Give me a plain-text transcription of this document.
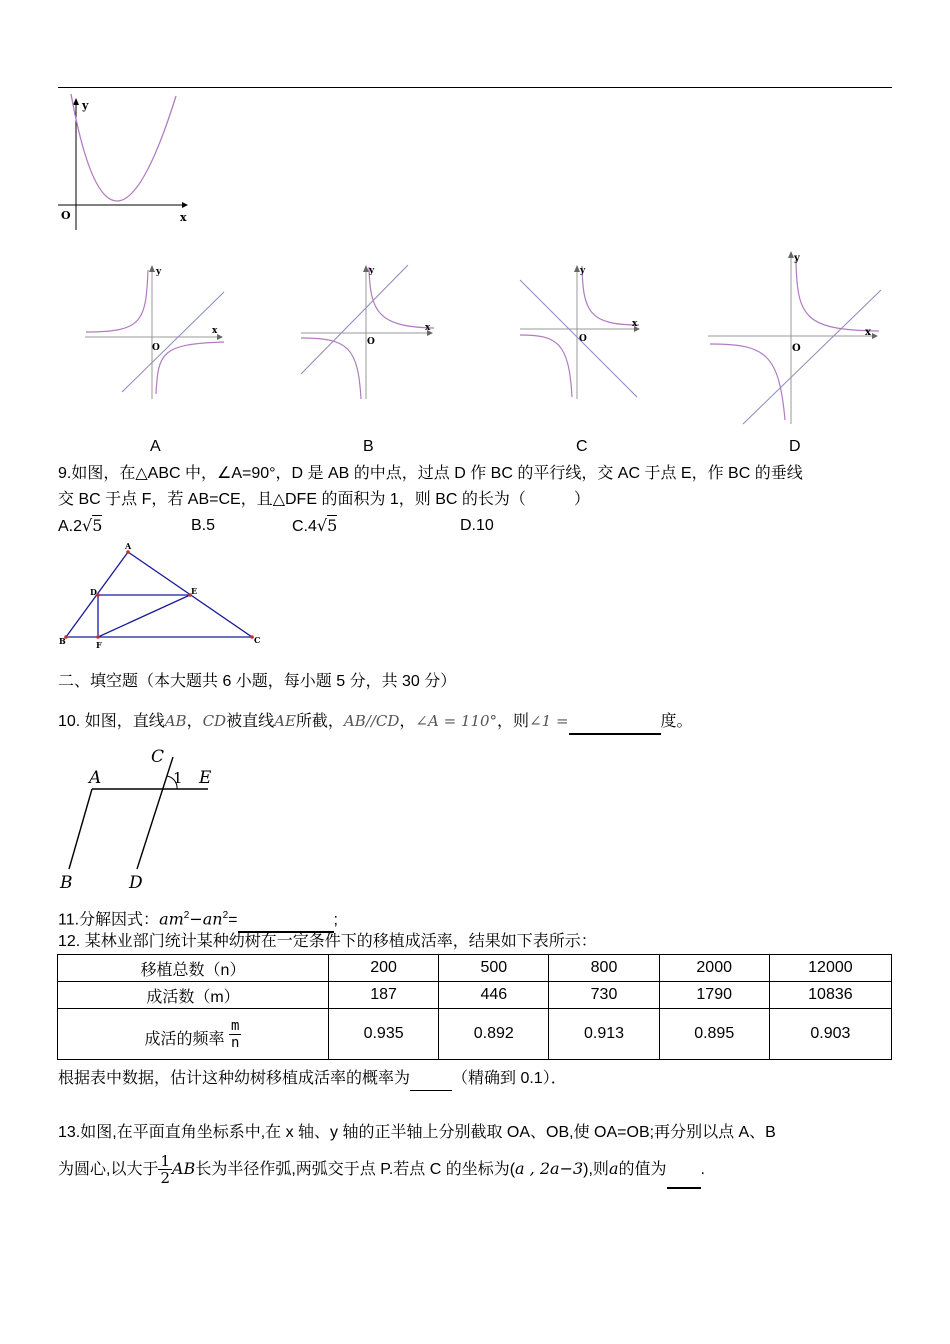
y
x
O
y
x
O
y
x
O
y
x
O
y
x
O
A	B	C	D
9.如图，在△ABC 中，∠A=90°，D 是 AB 的中点，过点 D 作 BC 的平行线，交 AC 于点 E，作 BC 的垂线
交 BC 于点 F，若 AB=CE，且△DFE 的面积为 1，则 BC 的长为（　　　）
A.2√5	B.5	C.4√5	D.10
A
B	C
D	E
F
二、填空题（本大题共 6 小题，每小题 5 分，共 30 分）
10. 如图，直线AB，CD被直线AE所截，AB//CD，∠A = 110°，则∠1 =	度。
C
A	E
1
B	D
11.分解因式：$am^2-an^2=$	;
12. 某林业部门统计某种幼树在一定条件下的移植成活率，结果如下表所示：
移植总数（n）	200	500	800	2000	12000
成活数（m）	187	446	730	1790	10836
成活的频率 $\frac{m}{n}$	0.935	0.892	0.913	0.895	0.903
根据表中数据，估计这种幼树移植成活率的概率为	（精确到 0.1）．
13.如图,在平面直角坐标系中,在 x 轴、y 轴的正半轴上分别截取 OA、OB,使 OA=OB;再分别以点 A、B
为圆心,以大于 $\frac{1}{2}$ AB长为半径作弧,两弧交于点 P.若点 C 的坐标为(a , 2a−3),则a的值为 .
